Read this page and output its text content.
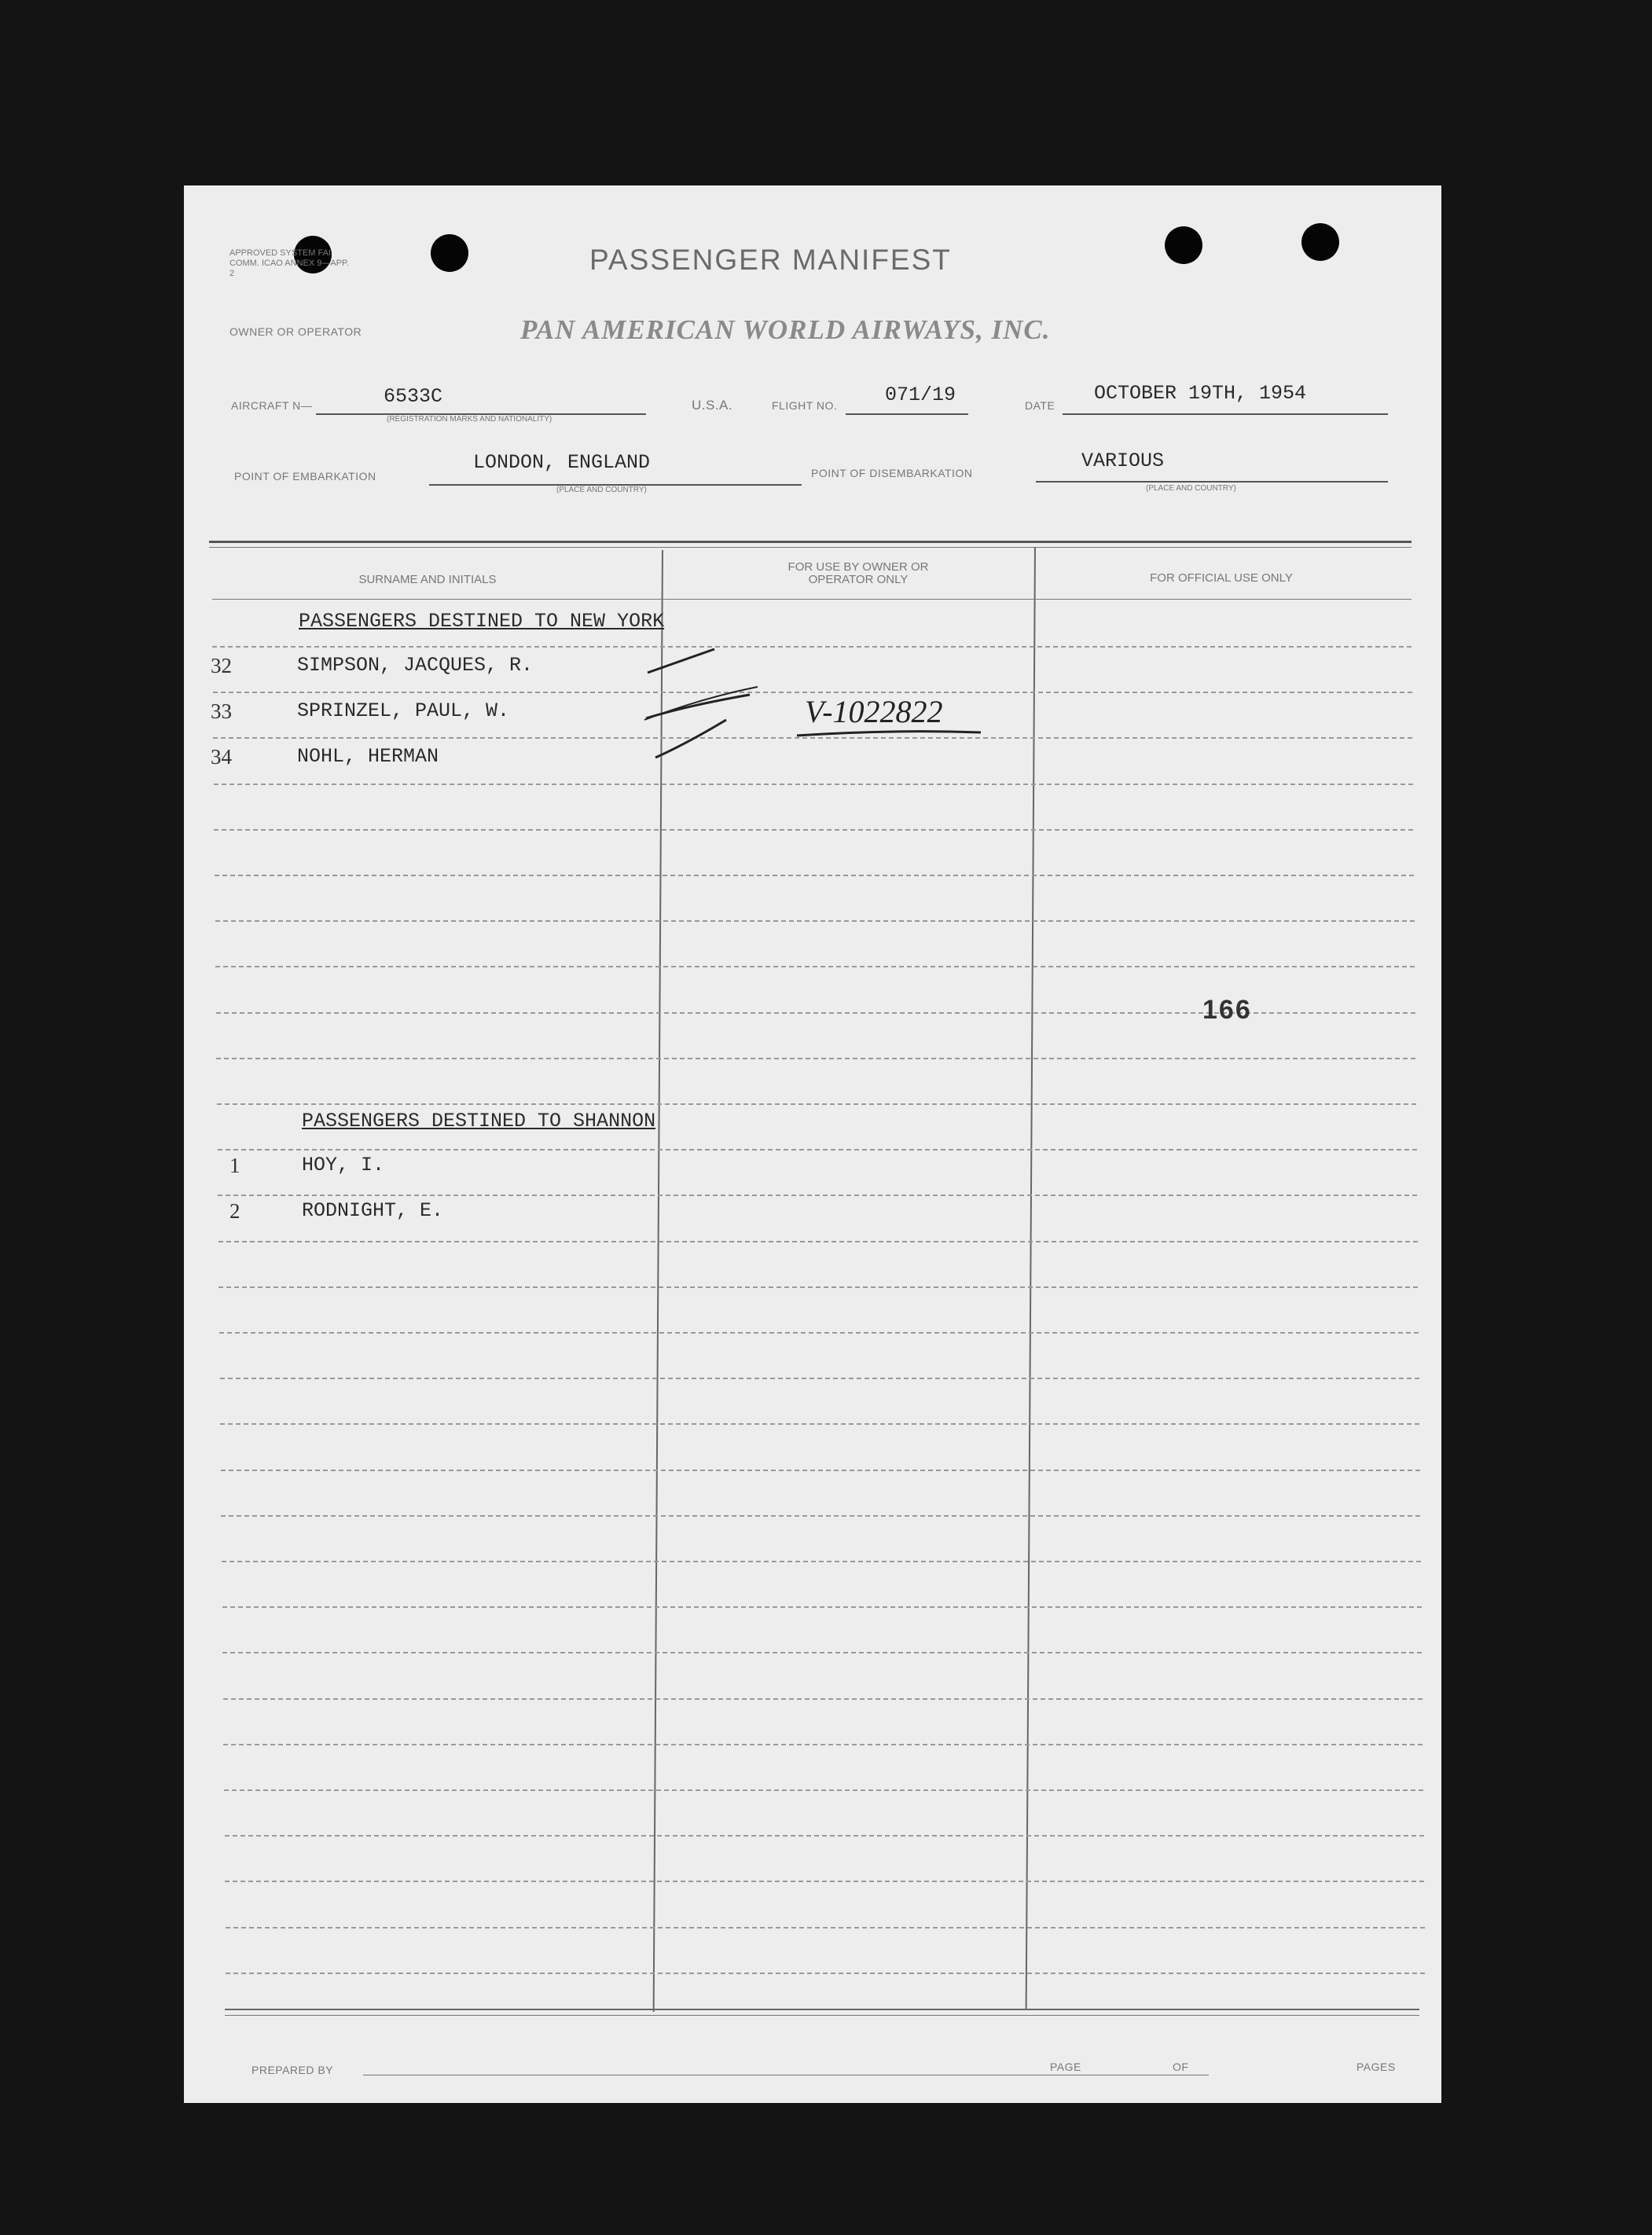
APPROVED SYSTEM FAI COMM. ICAO ANNEX 9—APP. 2	PASSENGER MANIFEST
OWNER OR OPERATOR	PAN AMERICAN WORLD AIRWAYS, INC.
AIRCRAFT N—	6533C
(REGISTRATION MARKS AND NATIONALITY)
U.S.A.	FLIGHT NO. 071/19	DATE
OCTOBER 19TH, 1954
POINT OF EMBARKATION
LONDON, ENGLAND
(PLACE AND COUNTRY)
POINT OF DISEMBARKATION
VARIOUS
(PLACE AND COUNTRY)
SURNAME AND INITIALS
FOR USE BY OWNER OR OPERATOR ONLY	FOR OFFICIAL USE ONLY
PASSENGERS DESTINED TO NEW YORK
32	SIMPSON, JACQUES, R.
33	SPRINZEL, PAUL, W.	V-1022822
34	NOHL, HERMAN
166
PASSENGERS DESTINED TO SHANNON
1	HOY, I.
2	RODNIGHT, E.
PREPARED BY	PAGE	OF	PAGES
